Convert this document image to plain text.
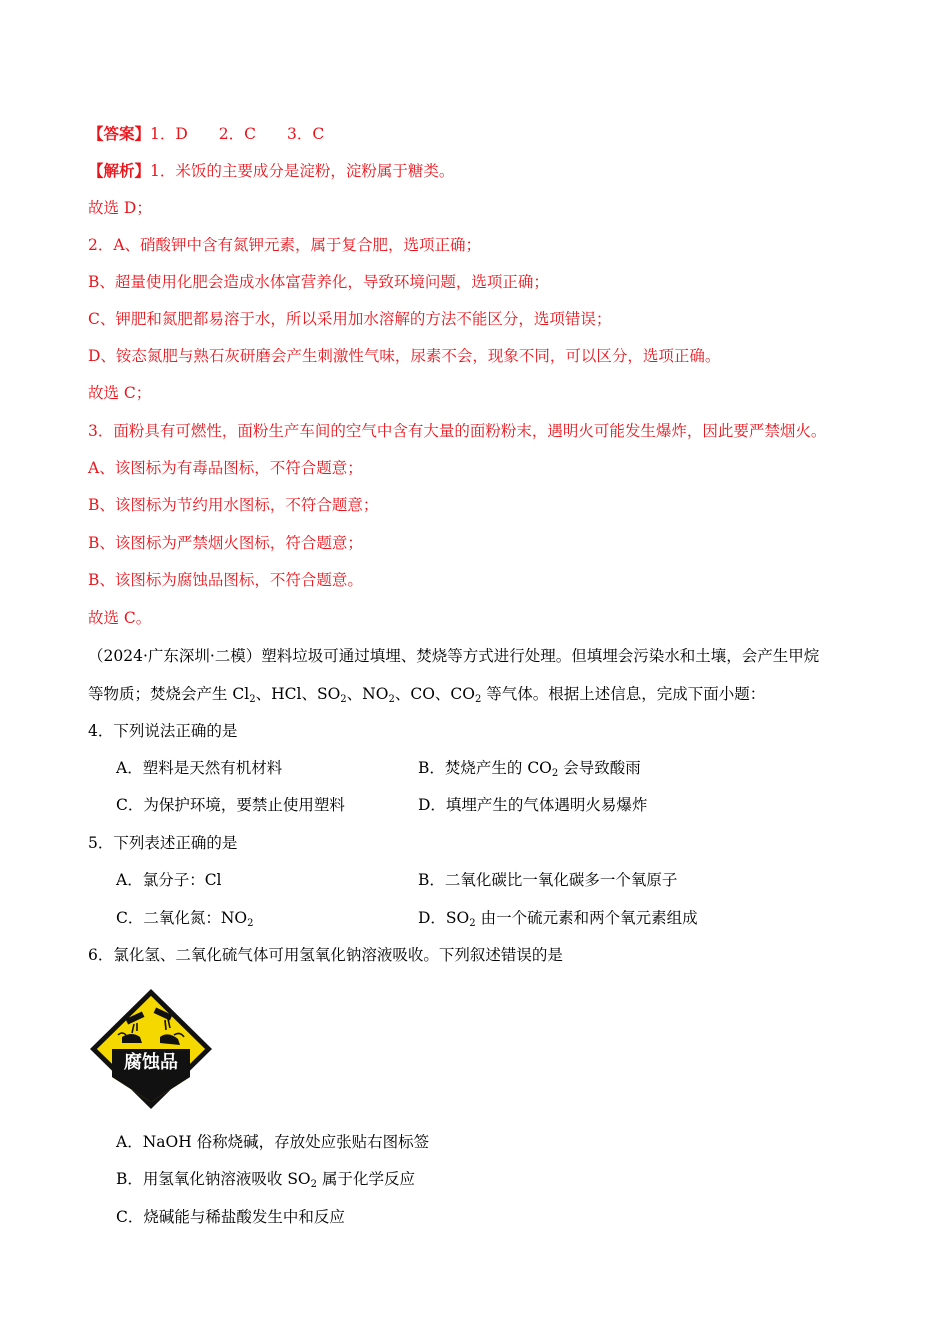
【答案】1．D　　2．C　　3．C
【解析】1．米饭的主要成分是淀粉，淀粉属于糖类。
故选 D；
2．A、硝酸钾中含有氮钾元素，属于复合肥，选项正确；
B、超量使用化肥会造成水体富营养化，导致环境问题，选项正确；
C、钾肥和氮肥都易溶于水，所以采用加水溶解的方法不能区分，选项错误；
D、铵态氮肥与熟石灰研磨会产生刺激性气味，尿素不会，现象不同，可以区分，选项正确。
故选 C；
3．面粉具有可燃性，面粉生产车间的空气中含有大量的面粉粉末，遇明火可能发生爆炸，因此要严禁烟火。
A、该图标为有毒品图标，不符合题意；
B、该图标为节约用水图标，不符合题意；
B、该图标为严禁烟火图标，符合题意；
B、该图标为腐蚀品图标，不符合题意。
故选 C。
（2024·广东深圳·二模）塑料垃圾可通过填埋、焚烧等方式进行处理。但填埋会污染水和土壤，会产生甲烷
等物质；焚烧会产生 $Cl_2$、HCl、$SO_2$、$NO_2$、CO、$CO_2$ 等气体。根据上述信息，完成下面小题：
4．下列说法正确的是
A．塑料是天然有机材料	B．焚烧产生的 $CO_2$ 会导致酸雨
C．为保护环境，要禁止使用塑料	D．填埋产生的气体遇明火易爆炸
5．下列表述正确的是
A．氯分子：Cl	B．二氧化碳比一氧化碳多一个氧原子
C．二氧化氮：$NO_2$	D．$SO_2$ 由一个硫元素和两个氧元素组成
6．氯化氢、二氧化硫气体可用氢氧化钠溶液吸收。下列叙述错误的是
腐蚀品
A．NaOH 俗称烧碱，存放处应张贴右图标签
B．用氢氧化钠溶液吸收 $SO_2$ 属于化学反应
C．烧碱能与稀盐酸发生中和反应
